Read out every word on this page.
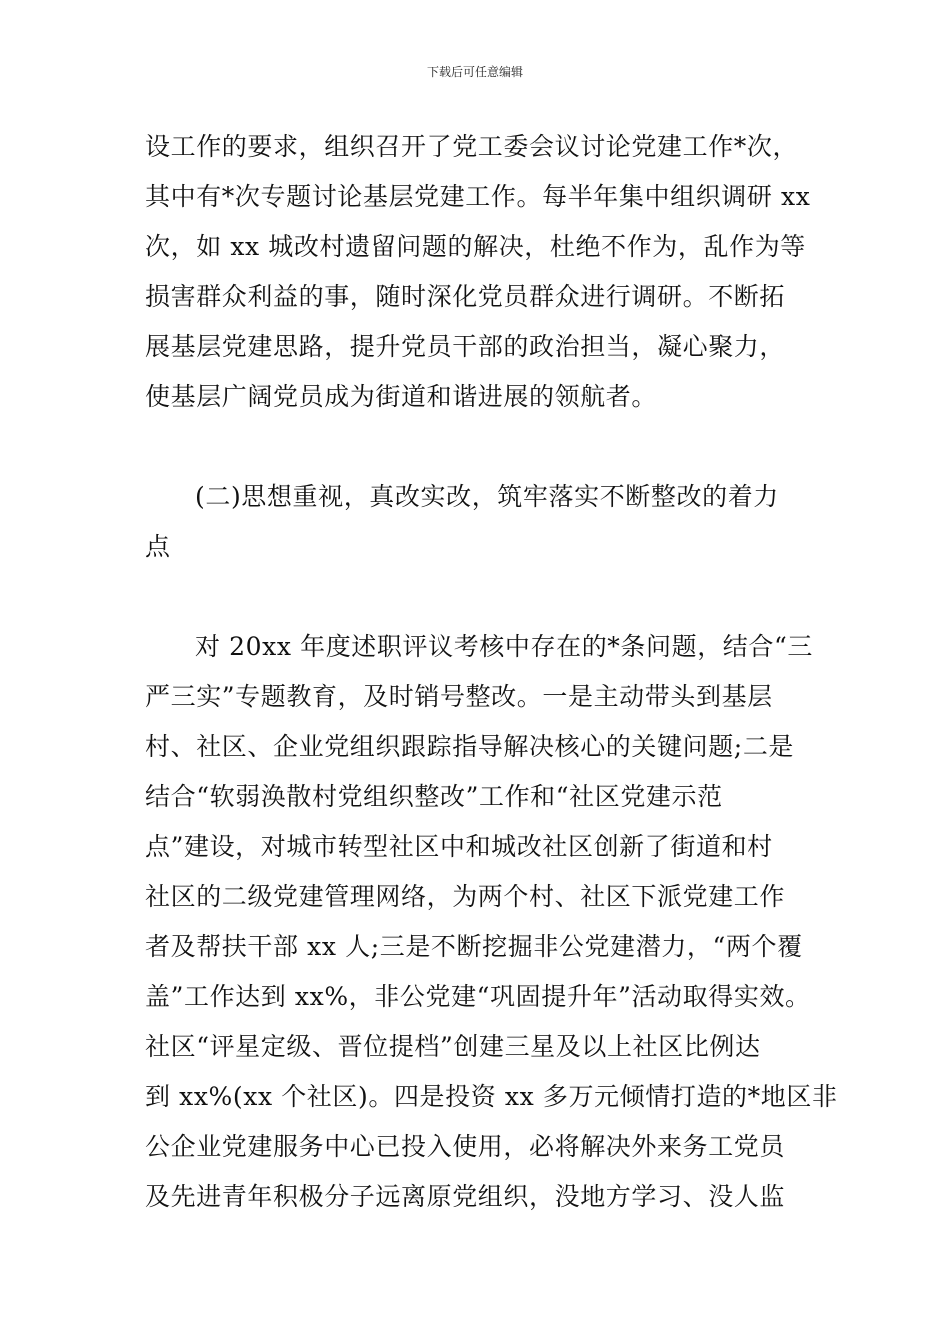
下载后可任意编辑
设工作的要求，组织召开了党工委会议讨论党建工作*次，
其中有*次专题讨论基层党建工作。每半年集中组织调研 xx
次，如 xx 城改村遗留问题的解决，杜绝不作为，乱作为等
损害群众利益的事，随时深化党员群众进行调研。不断拓
展基层党建思路，提升党员干部的政治担当，凝心聚力，
使基层广阔党员成为街道和谐进展的领航者。
(二)思想重视，真改实改，筑牢落实不断整改的着力
点
对 20xx 年度述职评议考核中存在的*条问题，结合“三
严三实”专题教育，及时销号整改。一是主动带头到基层
村、社区、企业党组织跟踪指导解决核心的关键问题;二是
结合“软弱涣散村党组织整改”工作和“社区党建示范
点”建设，对城市转型社区中和城改社区创新了街道和村
社区的二级党建管理网络，为两个村、社区下派党建工作
者及帮扶干部 xx 人;三是不断挖掘非公党建潜力，“两个覆
盖”工作达到 xx%，非公党建“巩固提升年”活动取得实效。
社区“评星定级、晋位提档”创建三星及以上社区比例达
到 xx%(xx 个社区)。四是投资 xx 多万元倾情打造的*地区非
公企业党建服务中心已投入使用，必将解决外来务工党员
及先进青年积极分子远离原党组织，没地方学习、没人监
